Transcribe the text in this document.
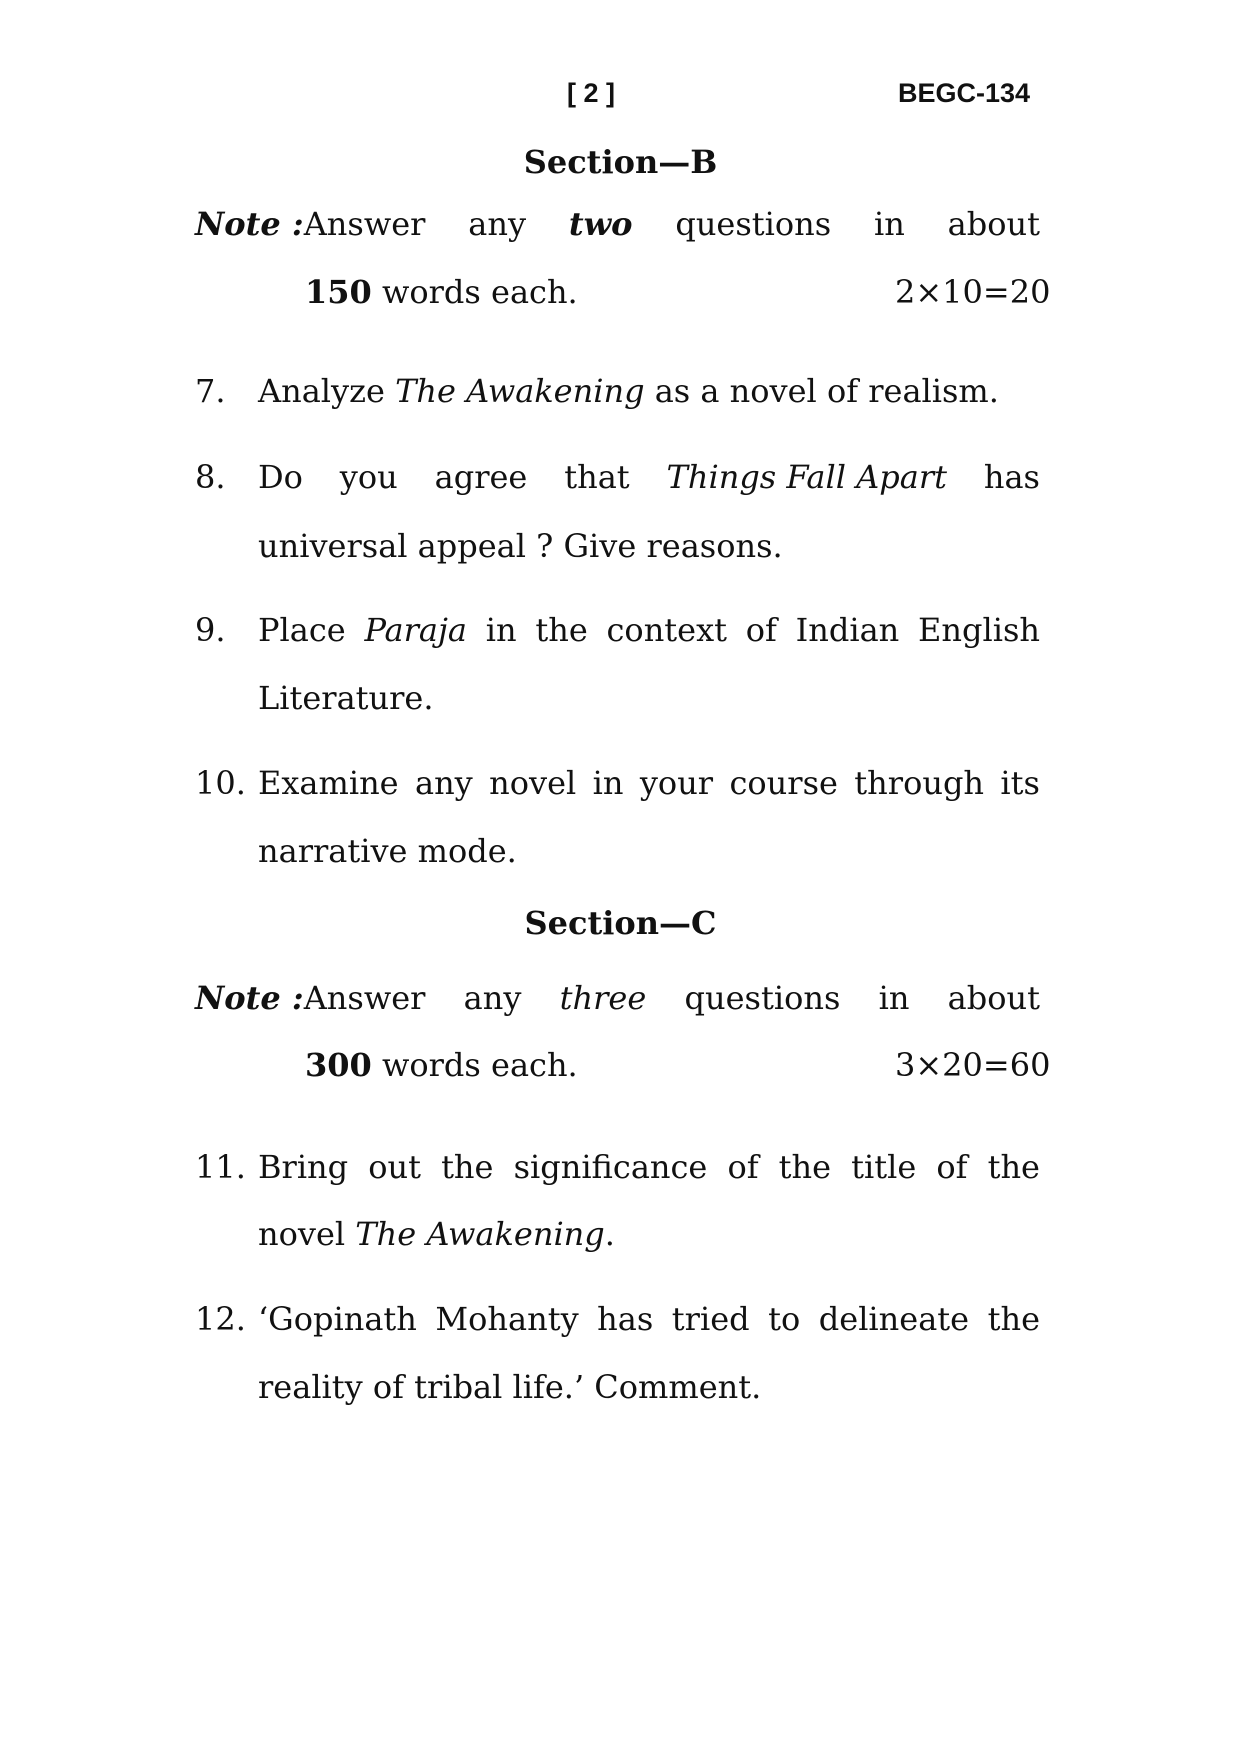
[ 2 ]	BEGC-134
Section—B
Note :Answer any two questions in about
150 words each.	2×10=20
7. Analyze The Awakening as a novel of realism.
8. Do you agree that Things Fall Apart has
universal appeal ? Give reasons.
9. Place Paraja in the context of Indian English
Literature.
10. Examine any novel in your course through its
narrative mode.
Section—C
Note :Answer any three questions in about
300 words each.	3×20=60
11. Bring out the significance of the title of the
novel The Awakening.
12. ‘Gopinath Mohanty has tried to delineate the
reality of tribal life.’ Comment.
